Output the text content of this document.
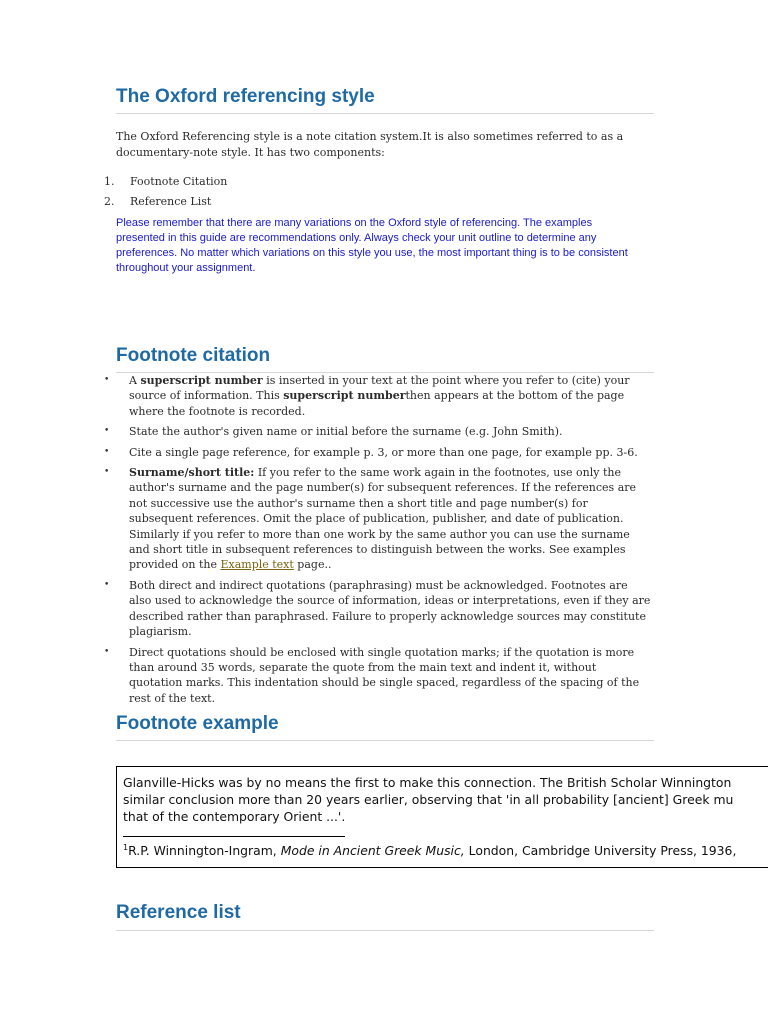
The Oxford referencing style

The Oxford Referencing style is a note citation system.It is also sometimes referred to as a documentary-note style. It has two components:

1. Footnote Citation
2. Reference List

Please remember that there are many variations on the Oxford style of referencing. The examples presented in this guide are recommendations only. Always check your unit outline to determine any preferences. No matter which variations on this style you use, the most important thing is to be consistent throughout your assignment.

Footnote citation
• A superscript number is inserted in your text at the point where you refer to (cite) your source of information. This superscript numberthen appears at the bottom of the page where the footnote is recorded.
• State the author's given name or initial before the surname (e.g. John Smith).
• Cite a single page reference, for example p. 3, or more than one page, for example pp. 3-6.
• Surname/short title: If you refer to the same work again in the footnotes, use only the author's surname and the page number(s) for subsequent references. If the references are not successive use the author's surname then a short title and page number(s) for subsequent references. Omit the place of publication, publisher, and date of publication. Similarly if you refer to more than one work by the same author you can use the surname and short title in subsequent references to distinguish between the works. See examples provided on the Example text page..
• Both direct and indirect quotations (paraphrasing) must be acknowledged. Footnotes are also used to acknowledge the source of information, ideas or interpretations, even if they are described rather than paraphrased. Failure to properly acknowledge sources may constitute plagiarism.
• Direct quotations should be enclosed with single quotation marks; if the quotation is more than around 35 words, separate the quote from the main text and indent it, without quotation marks. This indentation should be single spaced, regardless of the spacing of the rest of the text.
Footnote example
Glanville-Hicks was by no means the first to make this connection. The British Scholar Winnington
similar conclusion more than 20 years earlier, observing that 'in all probability [ancient] Greek mu
that of the contemporary Orient ...'.
$^1$R.P. Winnington-Ingram, Mode in Ancient Greek Music, London, Cambridge University Press, 1936,
Reference list
